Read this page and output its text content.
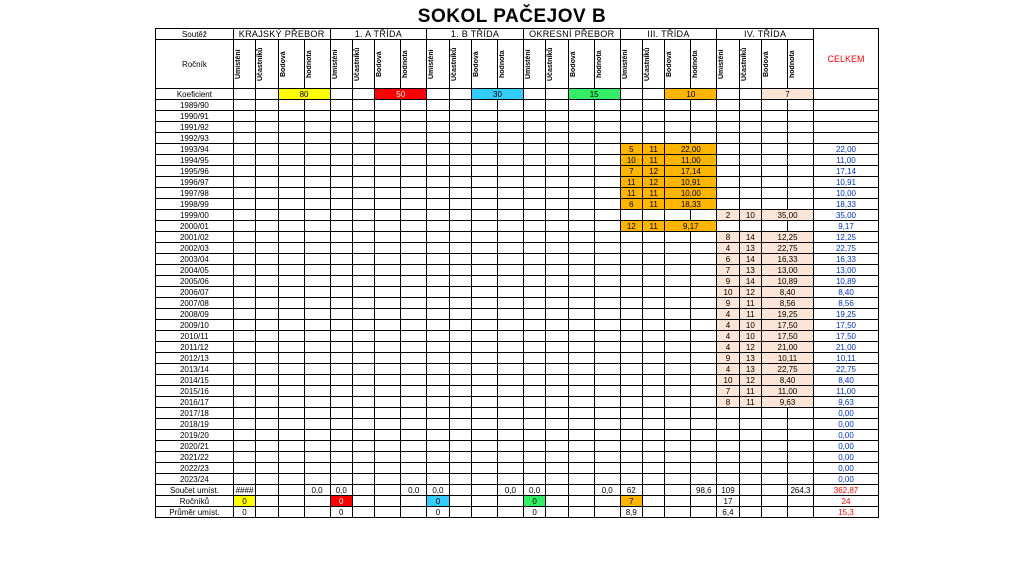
SOKOL PAČEJOV B
Soutěž	KRAJSKÝ PŘEBOR				1. A TŘÍDA				1. B TŘÍDA				OKRESNÍ PŘEBOR				III. TŘÍDA				IV. TŘÍDA				CELKEM
Ročník	Umístění	Účastníků	Bodová	hodnota	Umístění	Účastníků	Bodová	hodnota	Umístění	Účastníků	Bodová	hodnota	Umístění	Účastníků	Bodová	hodnota	Umístění	Účastníků	Bodová	hodnota	Umístění	Účastníků	Bodová	hodnota	

Koeficient			80				50				30				15				10				7		
1989/90																									
1990/91																									
1991/92																									
1992/93																									
1993/94																	5	11	22,00						22,00
1994/95																	10	11	11,00						11,00
1995/96																	7	12	17,14						17,14
1996/97																	11	12	10,91						10,91
1997/98																	11	11	10,00						10,00
1998/99																	6	11	18,33						18,33
1999/00																					2	10	35,00		35,00
2000/01																	12	11	9,17						9,17
2001/02																					8	14	12,25		12,25
2002/03																					4	13	22,75		22,75
2003/04																					6	14	16,33		16,33
2004/05																					7	13	13,00		13,00
2005/06																					9	14	10,89		10,89
2006/07																					10	12	8,40		8,40
2007/08																					9	11	8,56		8,56
2008/09																					4	11	19,25		19,25
2009/10																					4	10	17,50		17,50
2010/11																					4	10	17,50		17,50
2011/12																					4	12	21,00		21,00
2012/13																					9	13	10,11		10,11
2013/14																					4	13	22,75		22,75
2014/15																					10	12	8,40		8,40
2015/16																					7	11	11,00		11,00
2016/17																					8	11	9,63		9,63
2017/18																									0,00
2018/19																									0,00
2019/20																									0,00
2020/21																									0,00
2021/22																									0,00
2022/23																									0,00
2023/24																									0,00
Součet umíst.	####			0,0	0,0			0,0	0,0			0,0	0,0			0,0	62			98,6	109			264,3	362,87
Ročníků	0				0				0				0				7				17				24
Průměr umíst.	0				0				0				0				8,9				6,4				15,3
